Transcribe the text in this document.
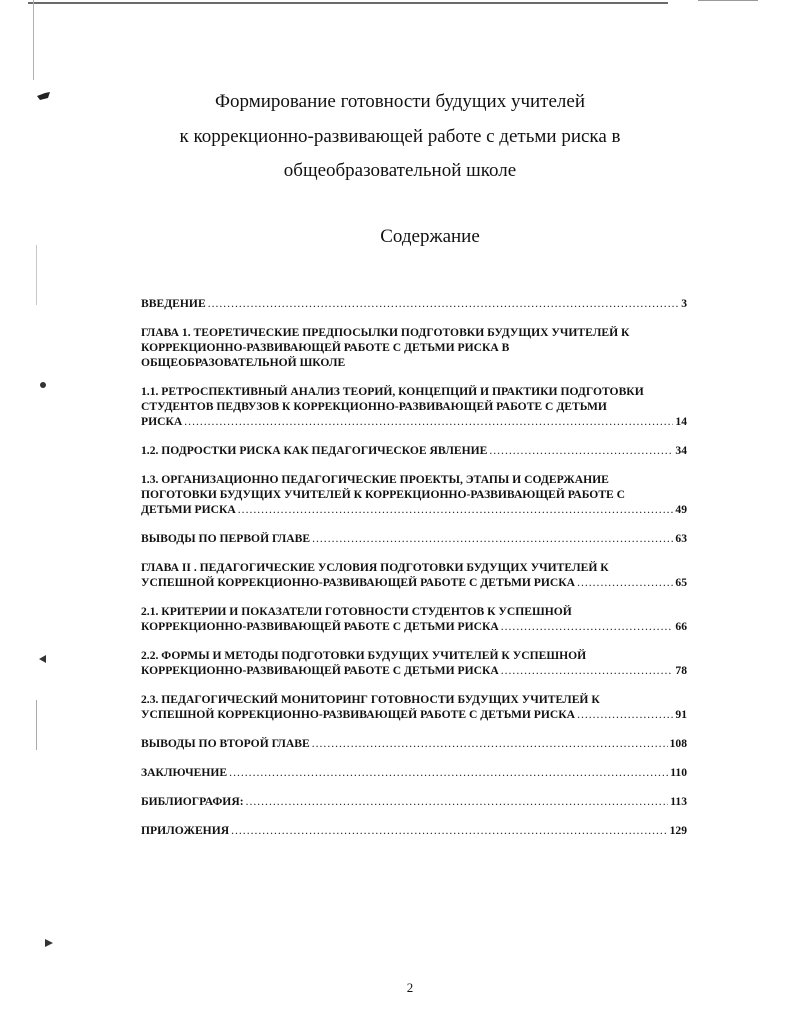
Формирование готовности будущих учителей
к коррекционно-развивающей работе с детьми риска в
общеобразовательной школе
Содержание
ВВЕДЕНИЕ .....	3
ГЛАВА 1. ТЕОРЕТИЧЕСКИЕ ПРЕДПОСЫЛКИ ПОДГОТОВКИ БУДУЩИХ УЧИТЕЛЕЙ К
КОРРЕКЦИОННО-РАЗВИВАЮЩЕЙ РАБОТЕ С ДЕТЬМИ РИСКА В
ОБЩЕОБРАЗОВАТЕЛЬНОЙ ШКОЛЕ
1.1. РЕТРОСПЕКТИВНЫЙ АНАЛИЗ ТЕОРИЙ, КОНЦЕПЦИЙ И ПРАКТИКИ ПОДГОТОВКИ
СТУДЕНТОВ ПЕДВУЗОВ К КОРРЕКЦИОННО-РАЗВИВАЮЩЕЙ РАБОТЕ С ДЕТЬМИ
РИСКА .....	14
1.2. ПОДРОСТКИ РИСКА КАК ПЕДАГОГИЧЕСКОЕ ЯВЛЕНИЕ .....	34
1.3. ОРГАНИЗАЦИОННО ПЕДАГОГИЧЕСКИЕ ПРОЕКТЫ, ЭТАПЫ И СОДЕРЖАНИЕ
ПОГОТОВКИ БУДУЩИХ УЧИТЕЛЕЙ К КОРРЕКЦИОННО-РАЗВИВАЮЩЕЙ РАБОТЕ С
ДЕТЬМИ РИСКА .....	49
ВЫВОДЫ ПО ПЕРВОЙ ГЛАВЕ .....	63
ГЛАВА II . ПЕДАГОГИЧЕСКИЕ УСЛОВИЯ ПОДГОТОВКИ БУДУЩИХ УЧИТЕЛЕЙ К
УСПЕШНОЙ КОРРЕКЦИОННО-РАЗВИВАЮЩЕЙ РАБОТЕ С ДЕТЬМИ РИСКА .....	65
2.1. КРИТЕРИИ И ПОКАЗАТЕЛИ ГОТОВНОСТИ СТУДЕНТОВ К УСПЕШНОЙ
КОРРЕКЦИОННО-РАЗВИВАЮЩЕЙ РАБОТЕ С ДЕТЬМИ РИСКА .....	66
2.2. ФОРМЫ И МЕТОДЫ ПОДГОТОВКИ БУДУЩИХ УЧИТЕЛЕЙ К УСПЕШНОЙ
КОРРЕКЦИОННО-РАЗВИВАЮЩЕЙ РАБОТЕ С ДЕТЬМИ РИСКА .....	78
2.3. ПЕДАГОГИЧЕСКИЙ МОНИТОРИНГ ГОТОВНОСТИ БУДУЩИХ УЧИТЕЛЕЙ К
УСПЕШНОЙ КОРРЕКЦИОННО-РАЗВИВАЮЩЕЙ РАБОТЕ С ДЕТЬМИ РИСКА .....	91
ВЫВОДЫ ПО ВТОРОЙ ГЛАВЕ .....	108
ЗАКЛЮЧЕНИЕ .....	110
БИБЛИОГРАФИЯ: .....	113
ПРИЛОЖЕНИЯ .....	129
2
